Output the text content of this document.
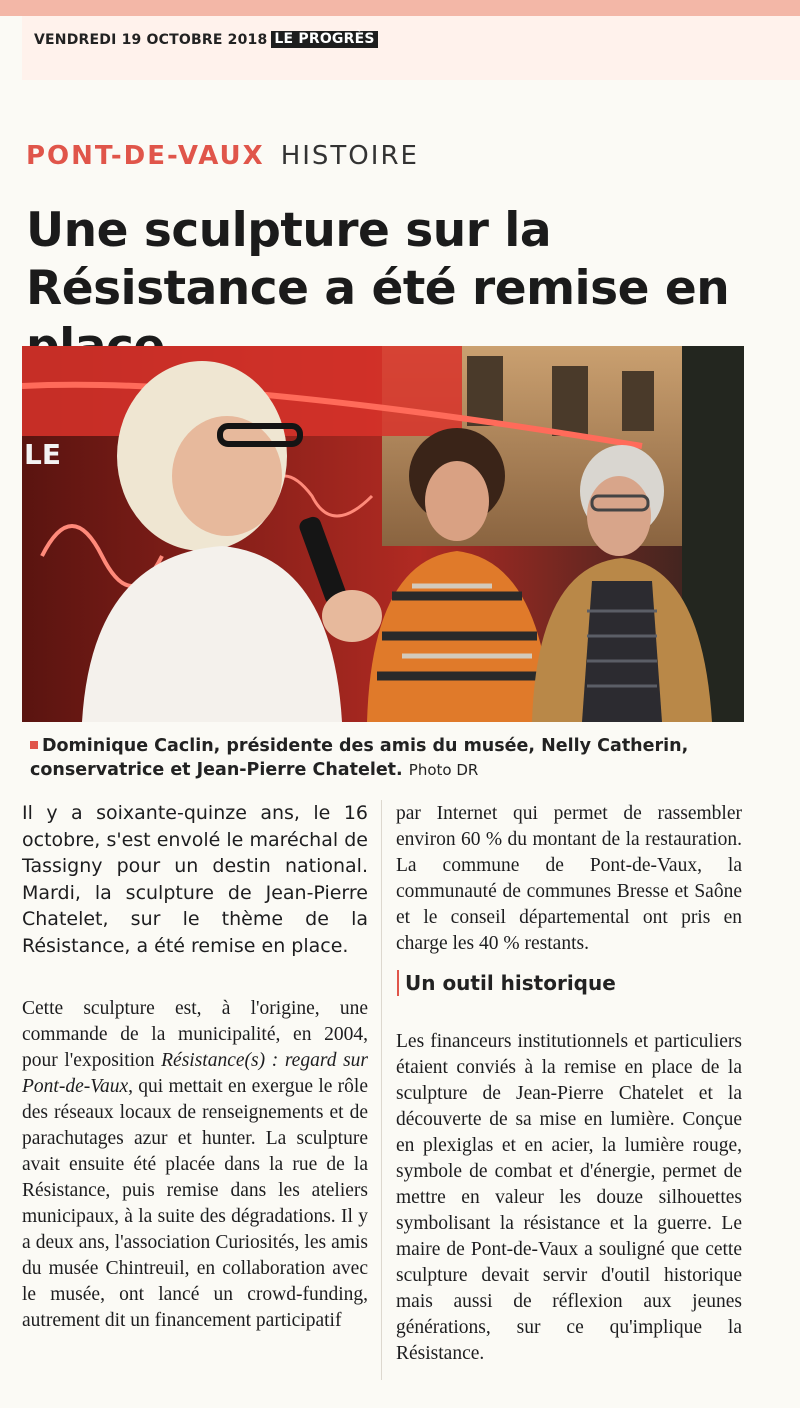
VENDREDI 19 OCTOBRE 2018 LE PROGRÈS
PONT-DE-VAUX HISTOIRE
Une sculpture sur la Résistance a été remise en
LE
Dominique Caclin, présidente des amis du musée, Nelly Catherin, conservatrice et Jean-Pierre Chatelet. Photo DR

Il y a soixante-quinze ans, le 16 octobre, s'est envolé le maréchal de Tassigny pour un destin national. Mardi, la sculpture de Jean-Pierre Chatelet, sur le thème de la Résistance, a été remise en place.

Cette sculpture est, à l'origine, une commande de la municipalité, en 2004, pour l'exposition Résistance(s) : regard sur Pont-de-Vaux, qui mettait en exergue le rôle des réseaux locaux de renseignements et de parachutages azur et hunter. La sculpture avait ensuite été placée dans la rue de la Résistance, puis remise dans les ateliers municipaux, à la suite des dégradations. Il y a deux ans, l'association Curiosités, les amis du musée Chintreuil, en collaboration avec le musée, ont lancé un crowd-funding, autrement dit un financement participatif

par Internet qui permet de rassembler environ 60 % du montant de la restauration. La commune de Pont-de-Vaux, la communauté de communes Bresse et Saône et le conseil départemental ont pris en charge les 40 % restants.

Un outil historique

Les financeurs institutionnels et particuliers étaient conviés à la remise en place de la sculpture de Jean-Pierre Chatelet et la découverte de sa mise en lumière. Conçue en plexiglas et en acier, la lumière rouge, symbole de combat et d'énergie, permet de mettre en valeur les douze silhouettes symbolisant la résistance et la guerre. Le maire de Pont-de-Vaux a souligné que cette sculpture devait servir d'outil historique mais aussi de réflexion aux jeunes générations, sur ce qu'implique la Résistance.
